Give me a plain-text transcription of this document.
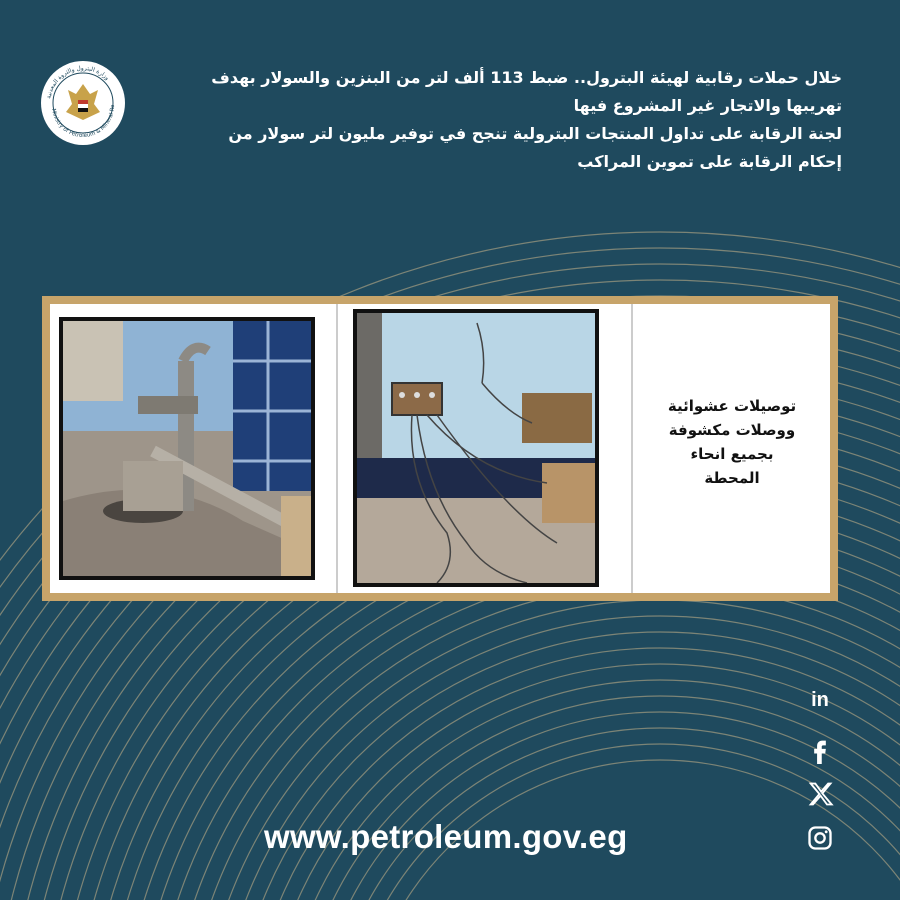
وزارة البترول والثروة المعدنية
Ministry of Petroleum & Mineral Re
خلال حملات رقابية لهيئة البترول.. ضبط 113 ألف لتر من البنزين والسولار بهدف
تهريبها والاتجار غير المشروع فيها
لجنة الرقابة على تداول المنتجات البترولية تنجح في توفير مليون لتر سولار من
إحكام الرقابة على تموين المراكب
توصيلات عشوائية
ووصلات مكشوفة
بجميع انحاء
المحطة
in
www.petroleum.gov.eg
